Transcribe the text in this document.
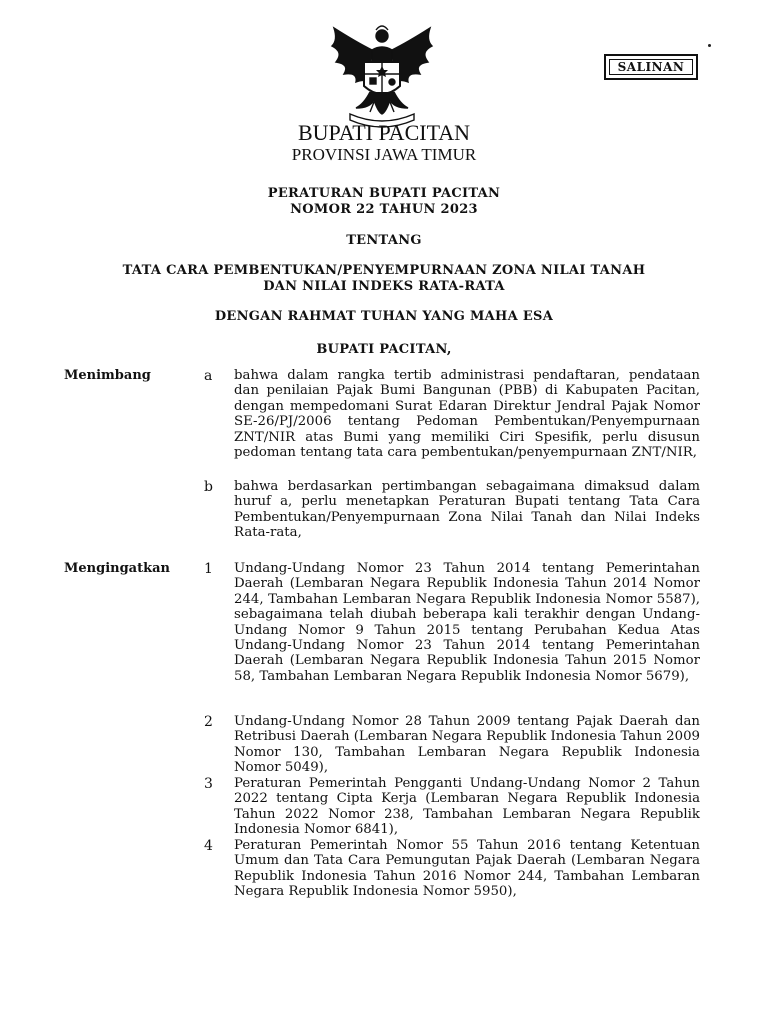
SALINAN
BUPATI PACITAN
PROVINSI JAWA TIMUR
PERATURAN BUPATI PACITAN
NOMOR 22 TAHUN 2023
TENTANG
TATA CARA PEMBENTUKAN/PENYEMPURNAAN ZONA NILAI TANAH
DAN NILAI INDEKS RATA-RATA
DENGAN RAHMAT TUHAN YANG MAHA ESA
BUPATI PACITAN,
Menimbang	a	bahwa dalam rangka tertib administrasi pendaftaran, pendataan dan penilaian Pajak Bumi Bangunan (PBB) di Kabupaten Pacitan, dengan mempedomani Surat Edaran Direktur Jendral Pajak Nomor SE-26/PJ/2006 tentang Pedoman Pembentukan/Penyempurnaan ZNT/NIR atas Bumi yang memiliki Ciri Spesifik, perlu disusun pedoman tentang tata cara pembentukan/penyempurnaan ZNT/NIR,
b	bahwa berdasarkan pertimbangan sebagaimana dimaksud dalam huruf a, perlu menetapkan Peraturan Bupati tentang Tata Cara Pembentukan/Penyempurnaan Zona Nilai Tanah dan Nilai Indeks Rata-rata,
Mengingatkan 1	Undang-Undang Nomor 23 Tahun 2014 tentang Pemerintahan Daerah (Lembaran Negara Republik Indonesia Tahun 2014 Nomor 244, Tambahan Lembaran Negara Republik Indonesia Nomor 5587), sebagaimana telah diubah beberapa kali terakhir dengan Undang-Undang Nomor 9 Tahun 2015 tentang Perubahan Kedua Atas Undang-Undang Nomor 23 Tahun 2014 tentang Pemerintahan Daerah (Lembaran Negara Republik Indonesia Tahun 2015 Nomor 58, Tambahan Lembaran Negara Republik Indonesia Nomor 5679),
2	Undang-Undang Nomor 28 Tahun 2009 tentang Pajak Daerah dan Retribusi Daerah (Lembaran Negara Republik Indonesia Tahun 2009 Nomor 130, Tambahan Lembaran Negara Republik Indonesia Nomor 5049),
3	Peraturan Pemerintah Pengganti Undang-Undang Nomor 2 Tahun 2022 tentang Cipta Kerja (Lembaran Negara Republik Indonesia Tahun 2022 Nomor 238, Tambahan Lembaran Negara Republik Indonesia Nomor 6841),
4	Peraturan Pemerintah Nomor 55 Tahun 2016 tentang Ketentuan Umum dan Tata Cara Pemungutan Pajak Daerah (Lembaran Negara Republik Indonesia Tahun 2016 Nomor 244, Tambahan Lembaran Negara Republik Indonesia Nomor 5950),
